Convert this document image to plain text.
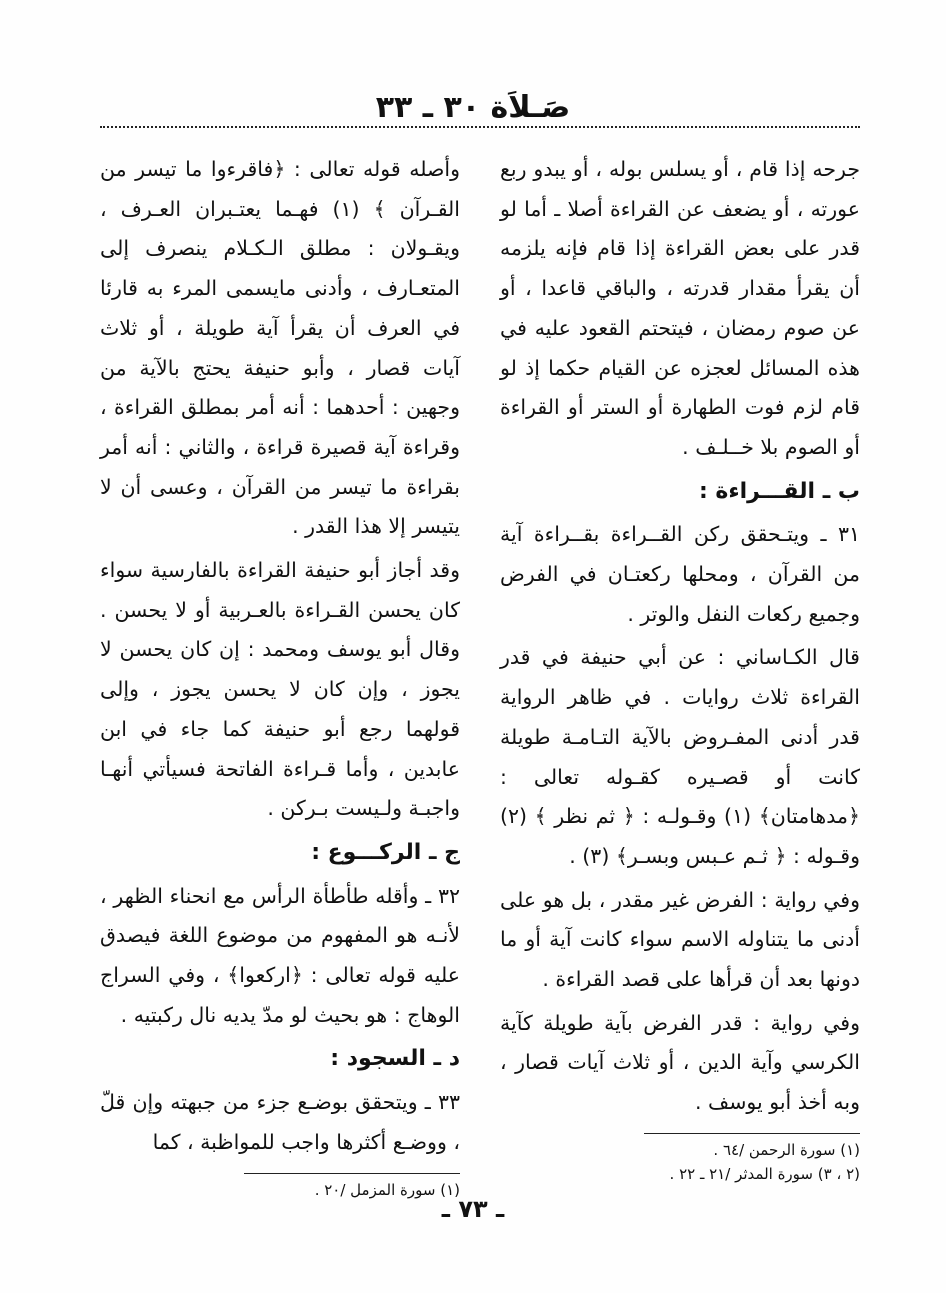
صَـلاَة ٣٠ ـ ٣٣

جرحه إذا قام ، أو يسلس بوله ، أو يبدو ربع عورته ، أو يضعف عن القراءة أصلا ـ أما لو قدر على بعض القراءة إذا قام فإنه يلزمه أن يقرأ مقدار قدرته ، والباقي قاعدا ، أو عن صوم رمضان ، فيتحتم القعود عليه في هذه المسائل لعجزه عن القيام حكما إذ لو قام لزم فوت الطهارة أو الستر أو القراءة أو الصوم بلا خــلـف .

ب ـ القـــراءة :

٣١ ـ ويتـحقق ركن القــراءة بقــراءة آية من القرآن ، ومحلها ركعتـان في الفرض وجميع ركعات النفل والوتر .

قال الكـاساني : عن أبي حنيفة في قدر القراءة ثلاث روايات . في ظاهر الرواية قدر أدنى المفـروض بالآية التـامـة طويلة كانت أو قصـيره كقـوله تعالى : ﴿مدهامتان﴾ (١) وقـولـه : ﴿ ثم نظر ﴾ (٢) وقـوله : ﴿ ثـم عـبس وبسـر﴾ (٣) .

وفي رواية : الفرض غير مقدر ، بل هو على أدنى ما يتناوله الاسم سواء كانت آية أو ما دونها بعد أن قرأها على قصد القراءة .

وفي رواية : قدر الفرض بآية طويلة كآية الكرسي وآية الدين ، أو ثلاث آيات قصار ، وبه أخذ أبو يوسف .

(١) سورة الرحمن /٦٤ .
(٢ ، ٣) سورة المدثر /٢١ ـ ٢٢ .

وأصله قوله تعالى : ﴿فاقرءوا ما تيسر من القـرآن ﴾ (١) فهـما يعتـبران العـرف ، ويقـولان : مطلق الـكـلام ينصرف إلى المتعـارف ، وأدنى مايسمى المرء به قارئا في العرف أن يقرأ آية طويلة ، أو ثلاث آيات قصار ، وأبو حنيفة يحتج بالآية من وجهين : أحدهما : أنه أمر بمطلق القراءة ، وقراءة آية قصيرة قراءة ، والثاني : أنه أمر بقراءة ما تيسر من القرآن ، وعسى أن لا يتيسر إلا هذا القدر .

وقد أجاز أبو حنيفة القراءة بالفارسية سواء كان يحسن القـراءة بالعـربية أو لا يحسن . وقال أبو يوسف ومحمد : إن كان يحسن لا يجوز ، وإن كان لا يحسن يجوز ، وإلى قولهما رجع أبو حنيفة كما جاء في ابن عابدين ، وأما قـراءة الفاتحة فسيأتي أنهـا واجبـة ولـيست بـركن .

ج ـ الركـــوع :

٣٢ ـ وأقله طأطأة الرأس مع انحناء الظهر ، لأنـه هو المفهوم من موضوع اللغة فيصدق عليه قوله تعالى : ﴿اركعوا﴾ ، وفي السراج الوهاج : هو بحيث لو مدّ يديه نال ركبتيه .

د ـ السجود :

٣٣ ـ ويتحقق بوضـع جزء من جبهته وإن قلّ ، ووضـع أكثرها واجب للمواظبة ، كما

(١) سورة المزمل /٢٠ .
ـ ٧٣ ـ
